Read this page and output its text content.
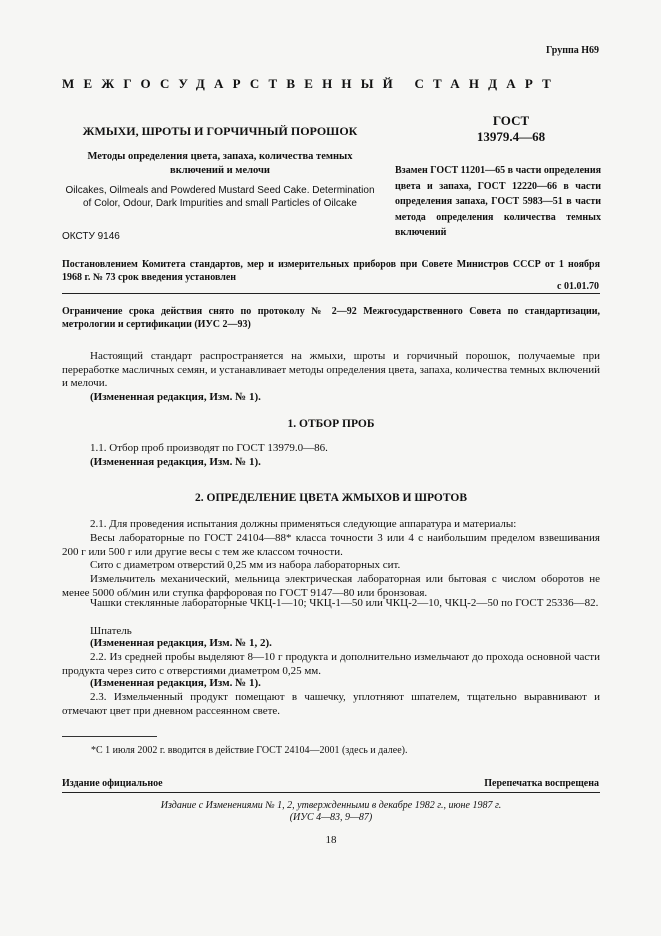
Группа Н69
МЕЖГОСУДАРСТВЕННЫЙ СТАНДАРТ
ЖМЫХИ, ШРОТЫ И ГОРЧИЧНЫЙ ПОРОШОК
ГОСТ
13979.4—68
Методы определения цвета, запаха, количества темных включений и мелочи	Взамен ГОСТ 11201—65 в части определения цвета и запаха, ГОСТ 12220—66 в части определения запаха, ГОСТ 5983—51 в части метода определения количества темных включений
Oilcakes, Oilmeals and Powdered Mustard Seed Cake. Determination of Color, Odour, Dark Impurities and small Particles of Oilcake
ОКСТУ 9146
Постановлением Комитета стандартов, мер и измерительных приборов при Совете Министров СССР от 1 ноября 1968 г. № 73 срок введения установлен
с 01.01.70
Ограничение срока действия снято по протоколу № 2—92 Межгосударственного Совета по стандартизации, метрологии и сертификации (ИУС 2—93)
Настоящий стандарт распространяется на жмыхи, шроты и горчичный порошок, получаемые при переработке масличных семян, и устанавливает методы определения цвета, запаха, количества темных включений и мелочи.
(Измененная редакция, Изм. № 1).
1. ОТБОР ПРОБ
1.1. Отбор проб производят по ГОСТ 13979.0—86.
(Измененная редакция, Изм. № 1).
2. ОПРЕДЕЛЕНИЕ ЦВЕТА ЖМЫХОВ И ШРОТОВ
2.1. Для проведения испытания должны применяться следующие аппаратура и материалы:
Весы лабораторные по ГОСТ 24104—88* класса точности 3 или 4 с наибольшим пределом взвешивания 200 г или 500 г или другие весы с тем же классом точности.
Сито с диаметром отверстий 0,25 мм из набора лабораторных сит.
Измельчитель механический, мельница электрическая лабораторная или бытовая с числом оборотов не менее 5000 об/мин или ступка фарфоровая по ГОСТ 9147—80 или бронзовая.
Чашки стеклянные лабораторные ЧКЦ-1—10; ЧКЦ-1—50 или ЧКЦ-2—10, ЧКЦ-2—50 по ГОСТ 25336—82.
Шпатель
(Измененная редакция, Изм. № 1, 2).
2.2. Из средней пробы выделяют 8—10 г продукта и дополнительно измельчают до прохода основной части продукта через сито с отверстиями диаметром 0,25 мм.
(Измененная редакция, Изм. № 1).
2.3. Измельченный продукт помещают в чашечку, уплотняют шпателем, тщательно выравнивают и отмечают цвет при дневном рассеянном свете.
*С 1 июля 2002 г. вводится в действие ГОСТ 24104—2001 (здесь и далее).
Издание официальное	Перепечатка воспрещена
Издание с Изменениями № 1, 2, утвержденными в декабре 1982 г., июне 1987 г.
(ИУС 4—83, 9—87)
18
